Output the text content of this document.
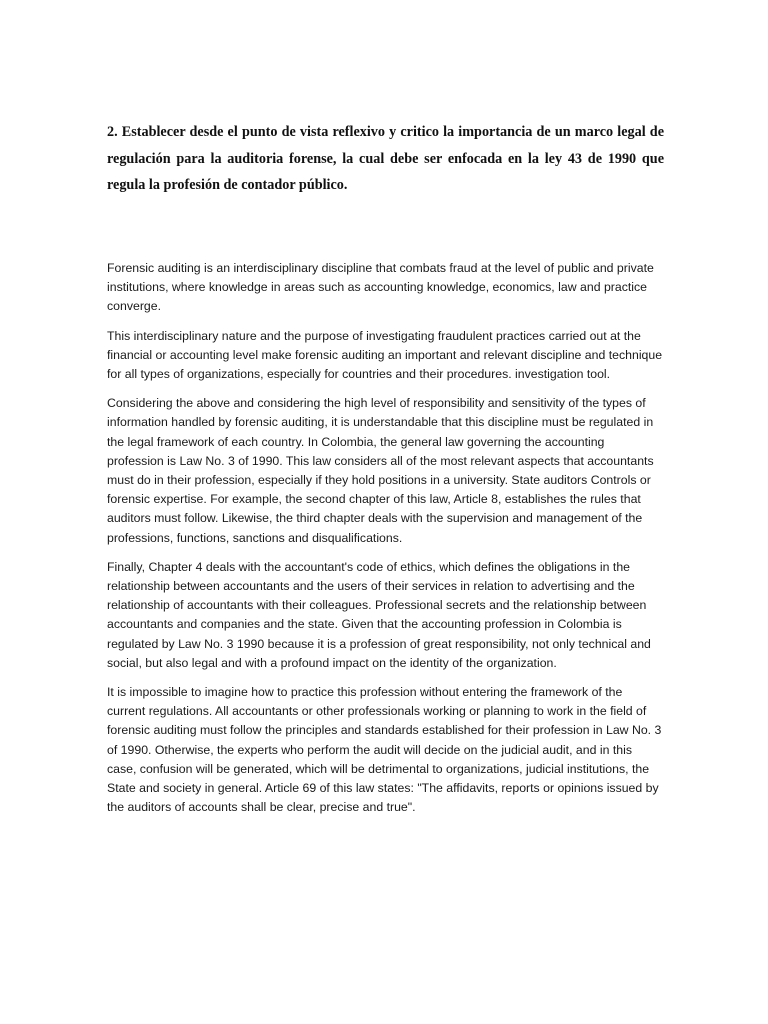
2. Establecer desde el punto de vista reflexivo y critico la importancia de un marco legal de regulación para la auditoria forense, la cual debe ser enfocada en la ley 43 de 1990 que regula la profesión de contador público.

Forensic auditing is an interdisciplinary discipline that combats fraud at the level of public and private institutions, where knowledge in areas such as accounting knowledge, economics, law and practice converge.

This interdisciplinary nature and the purpose of investigating fraudulent practices carried out at the financial or accounting level make forensic auditing an important and relevant discipline and technique for all types of organizations, especially for countries and their procedures. investigation tool.

Considering the above and considering the high level of responsibility and sensitivity of the types of information handled by forensic auditing, it is understandable that this discipline must be regulated in the legal framework of each country. In Colombia, the general law governing the accounting profession is Law No. 3 of 1990. This law considers all of the most relevant aspects that accountants must do in their profession, especially if they hold positions in a university. State auditors Controls or forensic expertise. For example, the second chapter of this law, Article 8, establishes the rules that auditors must follow. Likewise, the third chapter deals with the supervision and management of the professions, functions, sanctions and disqualifications.

Finally, Chapter 4 deals with the accountant's code of ethics, which defines the obligations in the relationship between accountants and the users of their services in relation to advertising and the relationship of accountants with their colleagues. Professional secrets and the relationship between accountants and companies and the state. Given that the accounting profession in Colombia is regulated by Law No. 3 1990 because it is a profession of great responsibility, not only technical and social, but also legal and with a profound impact on the identity of the organization.

It is impossible to imagine how to practice this profession without entering the framework of the current regulations. All accountants or other professionals working or planning to work in the field of forensic auditing must follow the principles and standards established for their profession in Law No. 3 of 1990. Otherwise, the experts who perform the audit will decide on the judicial audit, and in this case, confusion will be generated, which will be detrimental to organizations, judicial institutions, the State and society in general. Article 69 of this law states: "The affidavits, reports or opinions issued by the auditors of accounts shall be clear, precise and true".
